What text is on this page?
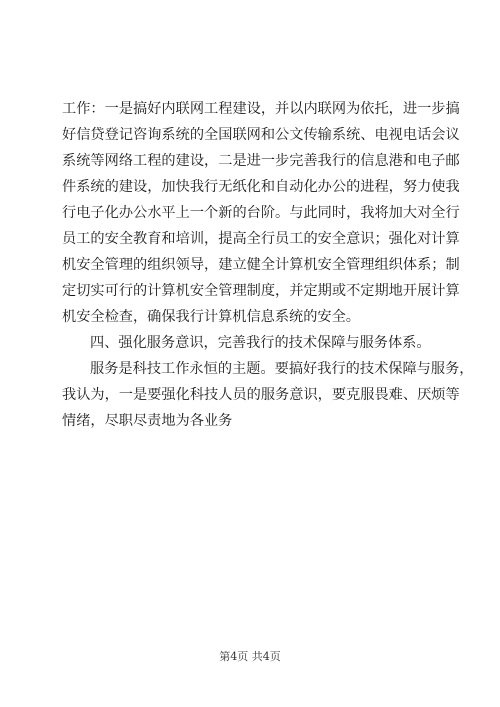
工 作 ： 一 是 搞 好 内 联 网 工 程 建 设 ， 并 以 内 联 网 为 依 托 ， 进 一 步 搞
好 信 贷 登 记 咨 询 系 统 的 全 国 联 网 和 公 文 传 输 系 统 、 电 视 电 话 会 议
系 统 等 网 络 工 程 的 建 设 ， 二 是 进 一 步 完 善 我 行 的 信 息 港 和 电 子 邮
件 系 统 的 建 设 ， 加 快 我 行 无 纸 化 和 自 动 化 办 公 的 进 程 ， 努 力 使 我
行 电 子 化 办 公 水 平 上 一 个 新 的 台 阶 。 与 此 同 时 ， 我 将 加 大 对 全 行
员 工 的 安 全 教 育 和 培 训 ， 提 高 全 行 员 工 的 安 全 意 识 ； 强 化 对 计 算
机 安 全 管 理 的 组 织 领 导 ， 建 立 健 全 计 算 机 安 全 管 理 组 织 体 系 ； 制
定 切 实 可 行 的 计 算 机 安 全 管 理 制 度 ， 并 定 期 或 不 定 期 地 开 展 计 算
机安全检查，确保我行计算机信息系统的安全。
四、强化服务意识，完善我行的技术保障与服务体系。
服 务 是 科 技 工 作 永 恒 的 主 题 。 要 搞 好 我 行 的 技 术 保 障 与 服 务 ，
我 认 为 ， 一 是 要 强 化 科 技 人 员 的 服 务 意 识 ， 要 克 服 畏 难 、 厌 烦 等
情绪，尽职尽责地为各业务
第4页 共4页
